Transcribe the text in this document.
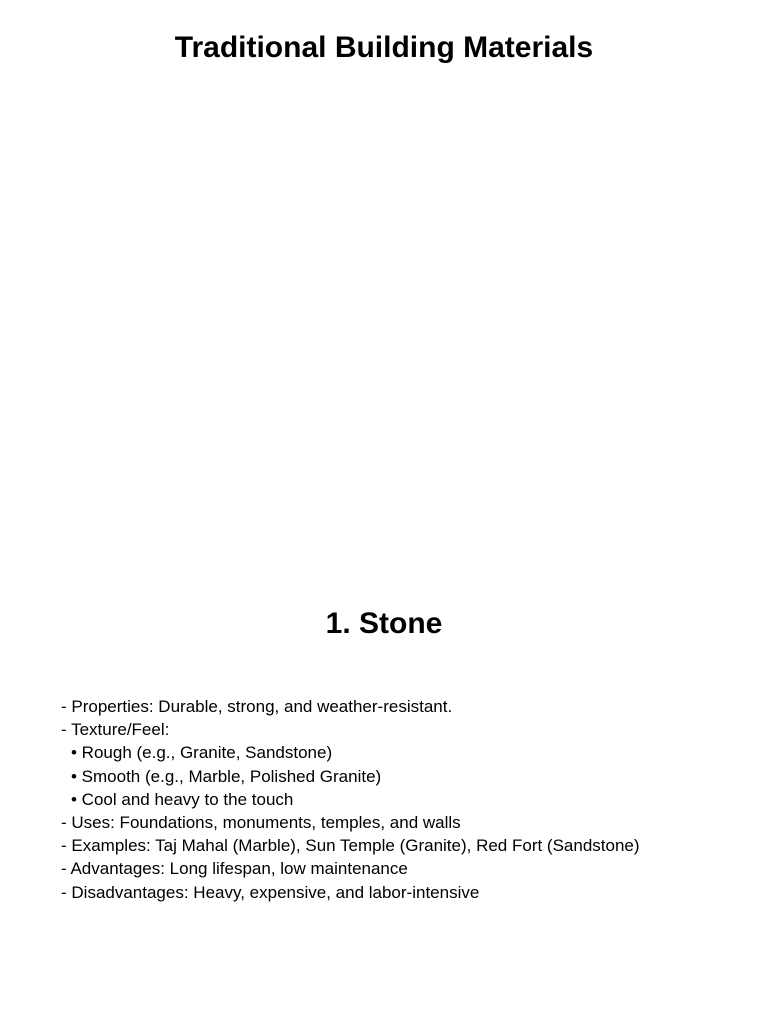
Traditional Building Materials
1. Stone
- Properties: Durable, strong, and weather-resistant.
- Texture/Feel:
• Rough (e.g., Granite, Sandstone)
• Smooth (e.g., Marble, Polished Granite)
• Cool and heavy to the touch
- Uses: Foundations, monuments, temples, and walls
- Examples: Taj Mahal (Marble), Sun Temple (Granite), Red Fort (Sandstone)
- Advantages: Long lifespan, low maintenance
- Disadvantages: Heavy, expensive, and labor-intensive
